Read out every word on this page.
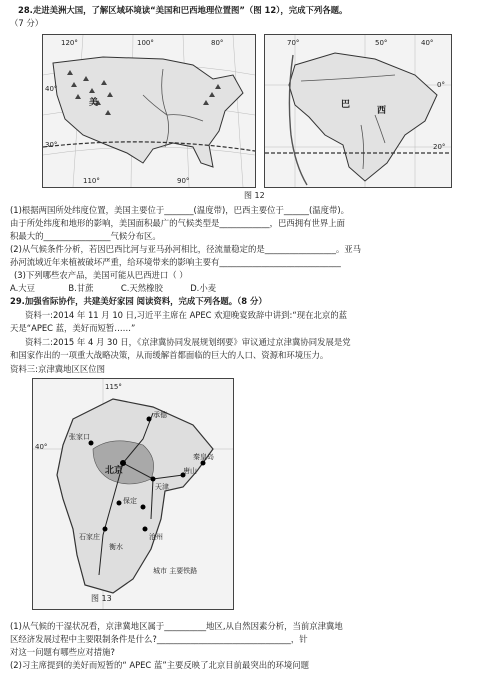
28.走进美洲大国，了解区域环境读“美国和巴西地理位置图”（图 12），完成下列各题。
（7 分）
120°	100°	80°
40°
30°
110°	90°
美
70°	50°	40°
0°
20°
巴
西
图 12
(1)根据两国所处纬度位置，美国主要位于_______(温度带)，巴西主要位于______(温度带)。
由于所处纬度和地形的影响，美国面积最广的气候类型是____________，巴西拥有世界上面
积最大的________________气候分布区。
(2)从气候条件分析，若因巴西比河与亚马孙河相比，径流量稳定的是_________________。亚马
孙河流域近年来植被破坏严重，给环境带来的影响主要有_____________________________
(3)下列哪些农产品，美国可能从巴西进口（ ）
A.大豆	B.甘蔗	C.天然橡胶	D.小麦
29.加强省际协作，共建美好家园 阅读资料，完成下列各题。（8 分）
资料一:2014 年 11 月 10 日,习近平主席在 APEC 欢迎晚宴致辞中讲到:“现在北京的蓝
天是“APEC 蓝，美好而短暂……”
资料二:2015 年 4 月 30 日，《京津冀协同发展规划纲要》审议通过京津冀协同发展是党
和国家作出的一项重大战略决策，从而缓解首都面临的巨大的人口、资源和环境压力。
资料三:京津冀地区区位图
115°
40°
承德
北京
天津
唐山
秦皇岛
石家庄
衡水
沧州
保定
张家口
城市 主要铁路
图 13
(1)从气候的干湿状况看，京津冀地区属于__________地区,从自然因素分析，当前京津冀地
区经济发展过程中主要限制条件是什么?________________________________，针
对这一问题有哪些应对措施?
(2)习主席提到的美好而短暂的“ APEC 蓝”主要反映了北京目前最突出的环境问题
